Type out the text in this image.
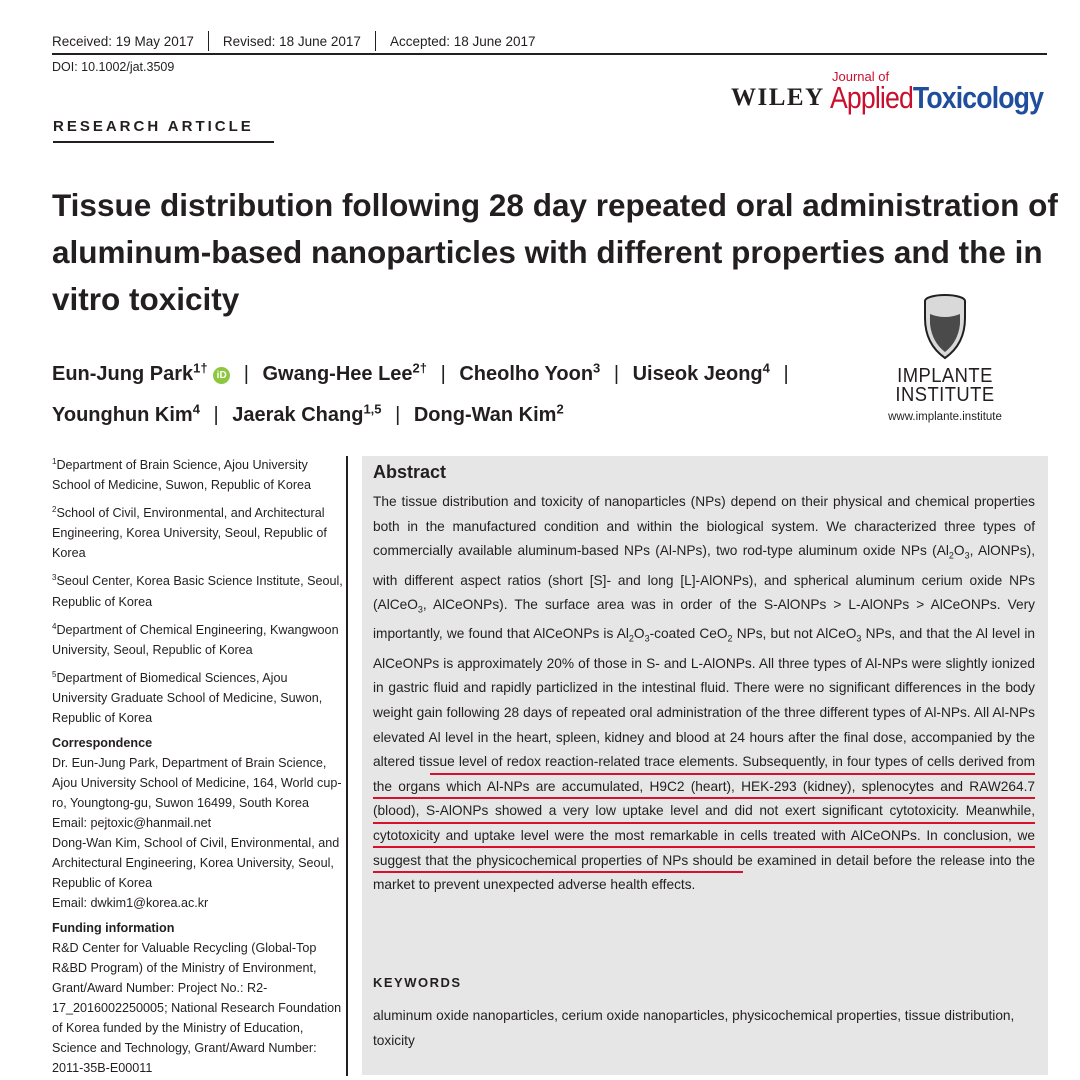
Received: 19 May 2017 Revised: 18 June 2017 Accepted: 18 June 2017
DOI: 10.1002/jat.3509
WILEY
Journal of
AppliedToxicology
RESEARCH ARTICLE
Tissue distribution following 28 day repeated oral administration of aluminum-based nanoparticles with different properties and the in vitro toxicity
Eun-Jung Park$^{1\dagger}$ iD | Gwang-Hee Lee$^{2\dagger}$ | Cheolho Yoon$^3$ | Uiseok Jeong$^4$ |
Younghun Kim$^4$ | Jaerak Chang$^{1,5}$ | Dong-Wan Kim$^2$
IMPLANTE
INSTITUTE
www.implante.institute

$^1$Department of Brain Science, Ajou University School of Medicine, Suwon, Republic of Korea

$^2$School of Civil, Environmental, and Architectural Engineering, Korea University, Seoul, Republic of Korea

$^3$Seoul Center, Korea Basic Science Institute, Seoul, Republic of Korea

$^4$Department of Chemical Engineering, Kwangwoon University, Seoul, Republic of Korea

$^5$Department of Biomedical Sciences, Ajou University Graduate School of Medicine, Suwon, Republic of Korea

Correspondence

Dr. Eun-Jung Park, Department of Brain Science, Ajou University School of Medicine, 164, World cup-ro, Youngtong-gu, Suwon 16499, South Korea

Email: pejtoxic@hanmail.net

Dong-Wan Kim, School of Civil, Environmental, and Architectural Engineering, Korea University, Seoul, Republic of Korea

Email: dwkim1@korea.ac.kr

Funding information

R&D Center for Valuable Recycling (Global-Top R&BD Program) of the Ministry of Environment, Grant/Award Number: Project No.: R2-17_2016002250005; National Research Foundation of Korea funded by the Ministry of Education, Science and Technology, Grant/Award Number: 2011-35B-E00011

Abstract

The tissue distribution and toxicity of nanoparticles (NPs) depend on their physical and chemical properties both in the manufactured condition and within the biological system. We characterized three types of commercially available aluminum-based NPs (Al-NPs), two rod-type aluminum oxide NPs ($Al_2O_3$, AlONPs), with different aspect ratios (short [S]- and long [L]-AlONPs), and spherical aluminum cerium oxide NPs (AlCeO$_3$, AlCeONPs). The surface area was in order of the S-AlONPs > L-AlONPs > AlCeONPs. Very importantly, we found that AlCeONPs is $Al_2O_3$-coated CeO$_2$ NPs, but not AlCeO$_3$ NPs, and that the Al level in AlCeONPs is approximately 20% of those in S- and L-AlONPs. All three types of Al-NPs were slightly ionized in gastric fluid and rapidly particlized in the intestinal fluid. There were no significant differences in the body weight gain following 28 days of repeated oral administration of the three different types of Al-NPs. All Al-NPs elevated Al level in the heart, spleen, kidney and blood at 24 hours after the final dose, accompanied by the altered tissue level of redox reaction-related trace elements. Subsequently, in four types of cells derived from the organs which Al-NPs are accumulated, H9C2 (heart), HEK-293 (kidney), splenocytes and RAW264.7 (blood), S-AlONPs showed a very low uptake level and did not exert significant cytotoxicity. Meanwhile, cytotoxicity and uptake level were the most remarkable in cells treated with AlCeONPs. In conclusion, we suggest that the physicochemical properties of NPs should be examined in detail before the release into the market to prevent unexpected adverse health effects.

KEYWORDS

aluminum oxide nanoparticles, cerium oxide nanoparticles, physicochemical properties, tissue distribution, toxicity
